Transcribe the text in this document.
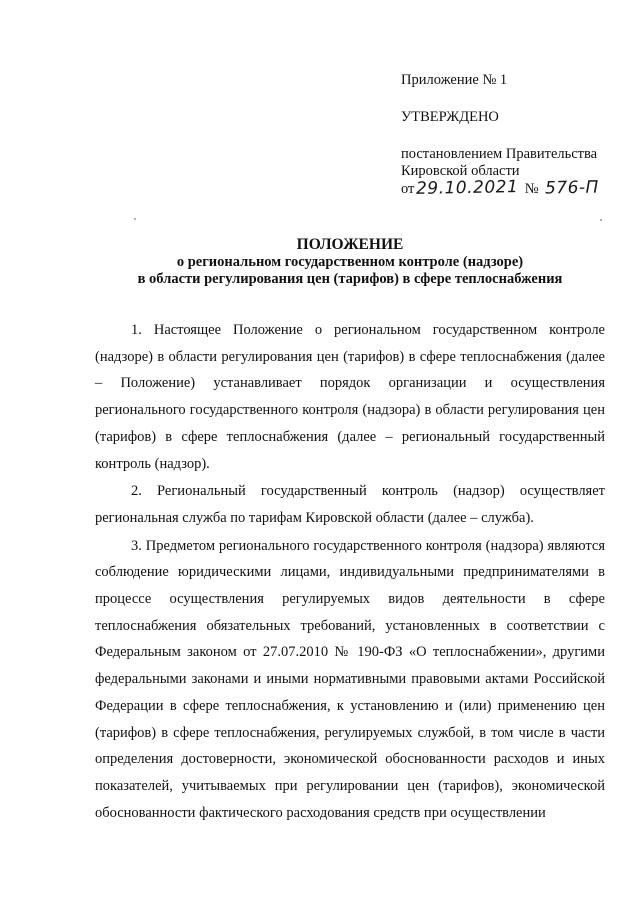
Приложение № 1
УТВЕРЖДЕНО
постановлением Правительства
Кировской области
от 29.10.2021 № 576-П
ПОЛОЖЕНИЕ
о региональном государственном контроле (надзоре)
в области регулирования цен (тарифов) в сфере теплоснабжения

1. Настоящее Положение о региональном государственном контроле (надзоре) в области регулирования цен (тарифов) в сфере теплоснабжения (далее – Положение) устанавливает порядок организации и осуществления регионального государственного контроля (надзора) в области регулирования цен (тарифов) в сфере теплоснабжения (далее – региональный государственный контроль (надзор).

2. Региональный государственный контроль (надзор) осуществляет региональная служба по тарифам Кировской области (далее – служба).

3. Предметом регионального государственного контроля (надзора) являются соблюдение юридическими лицами, индивидуальными предпринимателями в процессе осуществления регулируемых видов деятельности в сфере теплоснабжения обязательных требований, установленных в соответствии с Федеральным законом от 27.07.2010 № 190-ФЗ «О теплоснабжении», другими федеральными законами и иными нормативными правовыми актами Российской Федерации в сфере теплоснабжения, к установлению и (или) применению цен (тарифов) в сфере теплоснабжения, регулируемых службой, в том числе в части определения достоверности, экономической обоснованности расходов и иных показателей, учитываемых при регулировании цен (тарифов), экономической обоснованности фактического расходования средств при осуществлении
